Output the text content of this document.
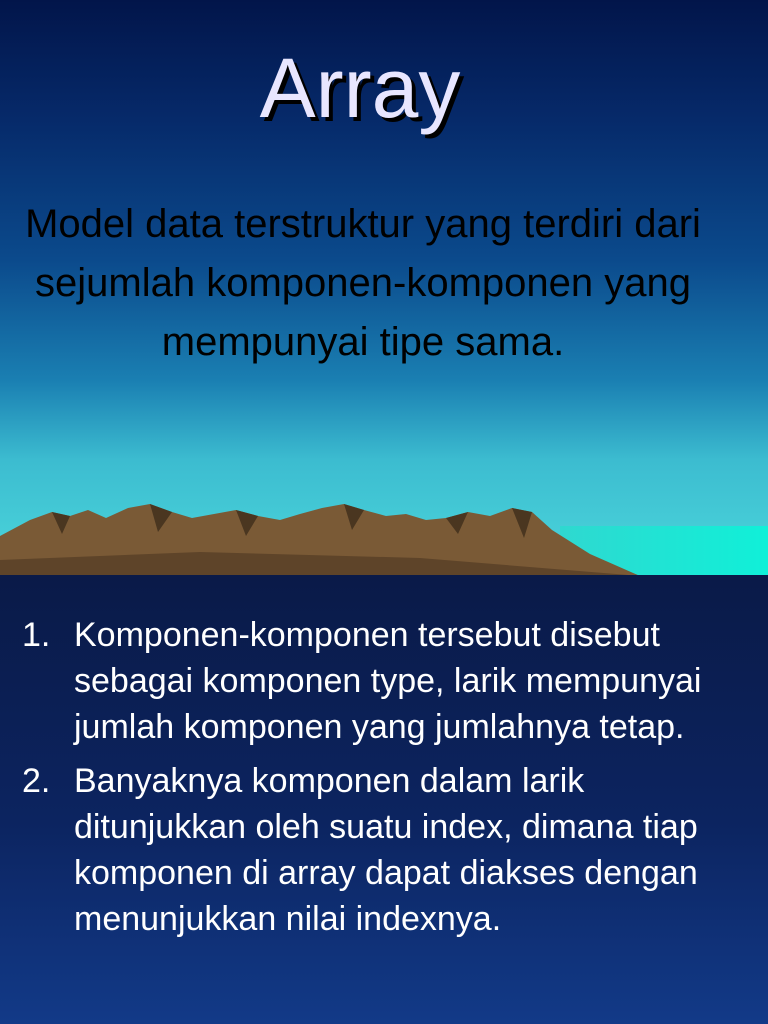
Array

Model data terstruktur yang terdiri dari sejumlah komponen-komponen yang mempunyai tipe sama.

1. Komponen-komponen tersebut disebut sebagai komponen type, larik mempunyai jumlah komponen yang jumlahnya tetap.
2. Banyaknya komponen dalam larik ditunjukkan oleh suatu index, dimana tiap komponen di array dapat diakses dengan menunjukkan nilai indexnya.
